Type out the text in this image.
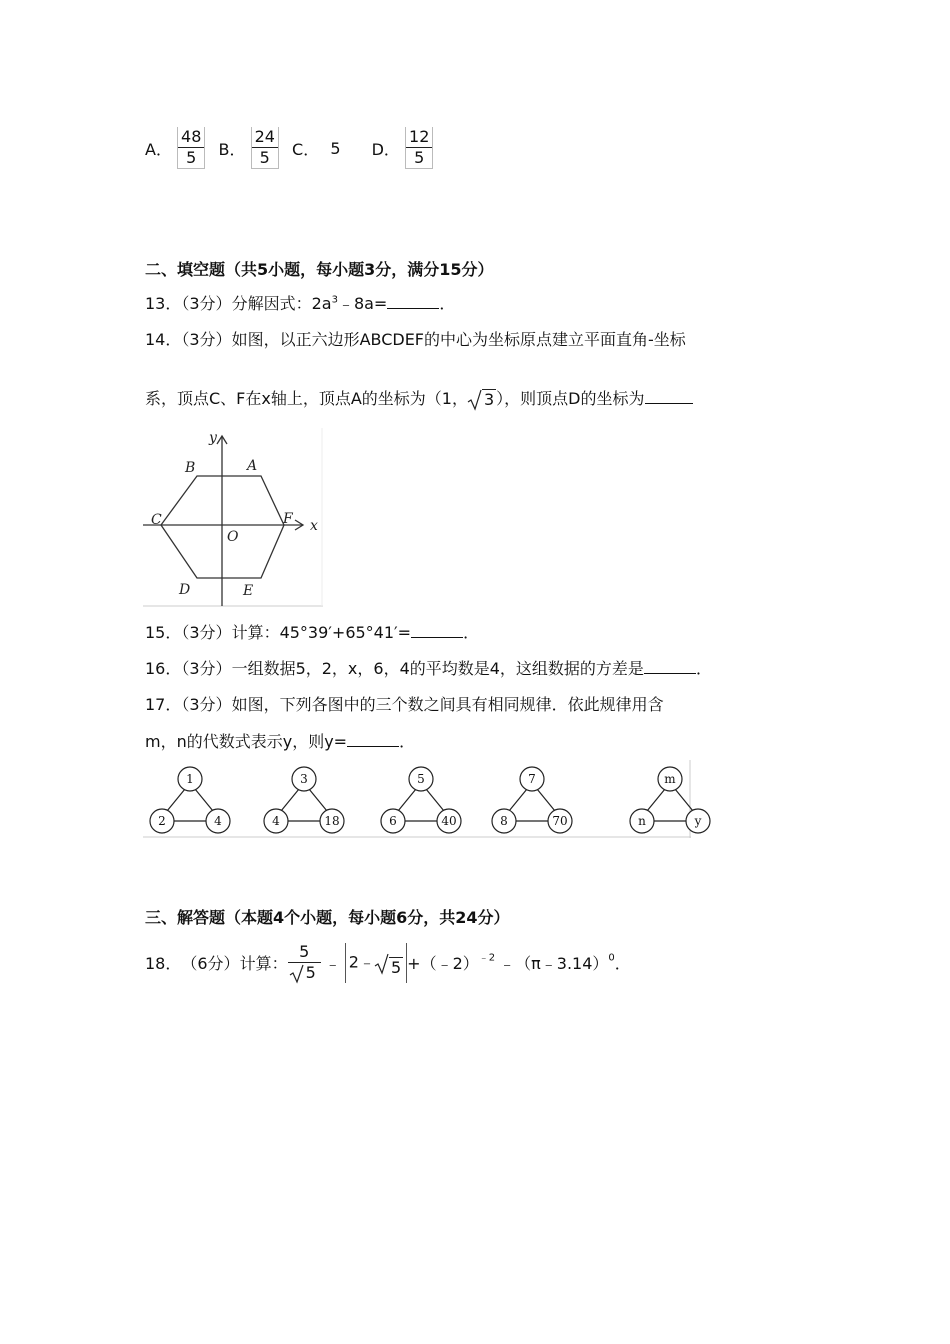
A． $\frac{48}{5}$ B． $\frac{24}{5}$ C． 5 D． $\frac{12}{5}$
二、填空题（共5小题，每小题3分，满分15分）
13．（3分）分解因式：$2a^3﹣8a=$	．
14．（3分）如图，以正六边形ABCDEF的中心为坐标原点建立平面直角-坐标
系，顶点C、F在x轴上，顶点A的坐标为（1， 3 ），则顶点D的坐标为
y
x
A
B
C	F
O
D	E
15．（3分）计算：45°39′+65°41′=	．
16．（3分）一组数据5，2，x，6，4的平均数是4，这组数据的方差是	．
17．（3分）如图，下列各图中的三个数之间具有相同规律．依此规律用含
m，n的代数式表示y，则y=	．
1
2	4
3
4	18
5
6	40
7
8	70
m
n	y
三、解答题（本题4个小题，每小题6分，共24分）
18．（6分）计算： $\frac{5}{5}$ ﹣ 2﹣ 5 +（﹣2）$^{﹣2}$ ﹣（π﹣3.14）$^0$．
